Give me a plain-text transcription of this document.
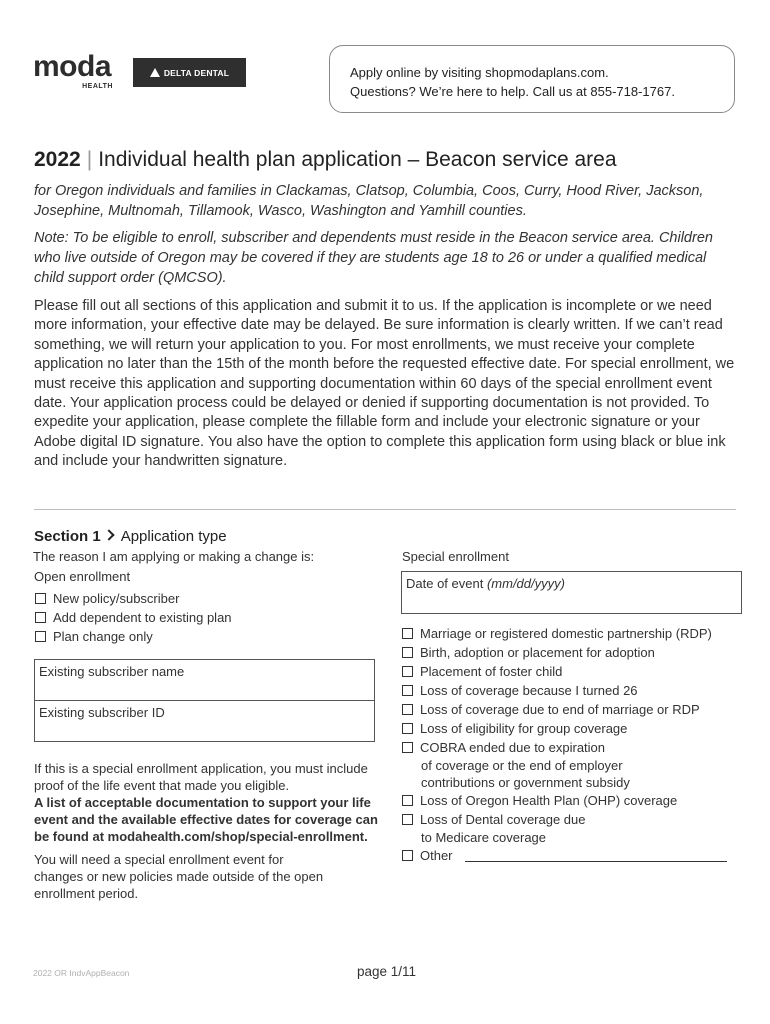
moda
HEALTH
DELTA DENTAL	Apply online by visiting shopmodaplans.com.
Questions? We’re here to help. Call us at 855-718-1767.
2022 | Individual health plan application – Beacon service area
for Oregon individuals and families in Clackamas, Clatsop, Columbia, Coos, Curry, Hood River, Jackson, Josephine, Multnomah, Tillamook, Wasco, Washington and Yamhill counties.
Note: To be eligible to enroll, subscriber and dependents must reside in the Beacon service area. Children who live outside of Oregon may be covered if they are students age 18 to 26 or under a qualified medical child support order (QMCSO).
Please fill out all sections of this application and submit it to us. If the application is incomplete or we need more information, your effective date may be delayed. Be sure information is clearly written. If we can’t read something, we will return your application to you. For most enrollments, we must receive your complete application no later than the 15th of the month before the requested effective date. For special enrollment, we must receive this application and supporting documentation within 60 days of the special enrollment event date. Your application process could be delayed or denied if supporting documentation is not provided. To expedite your application, please complete the fillable form and include your electronic signature or your Adobe digital ID signature. You also have the option to complete this application form using black or blue ink and include your handwritten signature.
Section 1 Application type
The reason I am applying or making a change is:
Open enrollment
New policy/subscriber
Add dependent to existing plan
Plan change only
Existing subscriber name
Existing subscriber ID
If this is a special enrollment application, you must include proof of the life event that made you eligible.
A list of acceptable documentation to support your life event and the available effective dates for coverage can be found at modahealth.com/shop/special-enrollment.
You will need a special enrollment event for changes or new policies made outside of the open enrollment period.
Special enrollment
Date of event (mm/dd/yyyy)
Marriage or registered domestic partnership (RDP)
Birth, adoption or placement for adoption
Placement of foster child
Loss of coverage because I turned 26
Loss of coverage due to end of marriage or RDP
Loss of eligibility for group coverage
COBRA ended due to expiration
of coverage or the end of employer
contributions or government subsidy
Loss of Oregon Health Plan (OHP) coverage
Loss of Dental coverage due
to Medicare coverage
Other
2022 OR IndvAppBeacon	page 1/11
